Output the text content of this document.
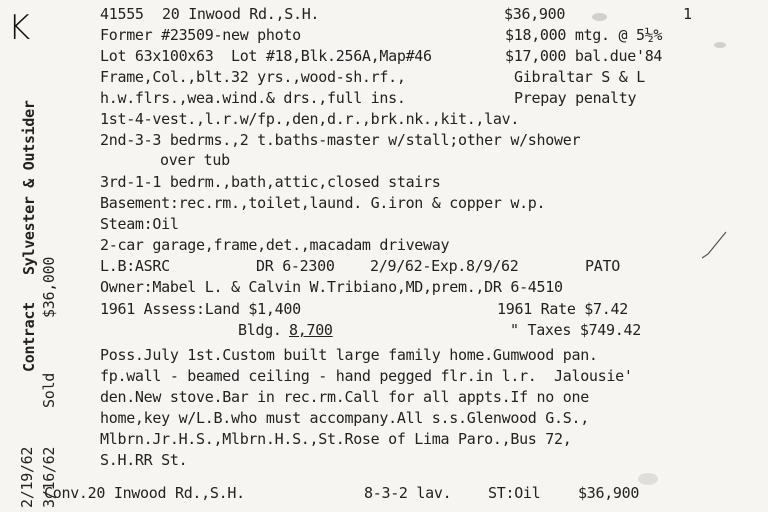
K
Contract
Sylvester & Outsider
2/19/62
Sold
$36,000
3/16/62
41555 20 Inwood Rd.,S.H.	$36,900	1
Former #23509-new photo	$18,000 mtg. @ 5½%
Lot 63x100x63  Lot #18,Blk.256A,Map#46	$17,000 bal.due'84
Frame,Col.,blt.32 yrs.,wood-sh.rf.,	Gibraltar S & L
h.w.flrs.,wea.wind.& drs.,full ins.	Prepay penalty
1st-4-vest.,l.r.w/fp.,den,d.r.,brk.nk.,kit.,lav.
2nd-3-3 bedrms.,2 t.baths-master w/stall;other w/shower
over tub
3rd-1-1 bedrm.,bath,attic,closed stairs
Basement:rec.rm.,toilet,laund. G.iron & copper w.p.
Steam:Oil
2-car garage,frame,det.,macadam driveway
L.B:ASRC	DR 6-2300 2/9/62-Exp.8/9/62	PATO
Owner:Mabel L. & Calvin W.Tribiano,MD,prem.,DR 6-4510
1961 Assess:Land $1,400	1961 Rate $7.42
Bldg. 8,700	" Taxes $749.42
Poss.July 1st.Custom built large family home.Gumwood pan.
fp.wall - beamed ceiling - hand pegged flr.in l.r.  Jalousie'
den.New stove.Bar in rec.rm.Call for all appts.If no one
home,key w/L.B.who must accompany.All s.s.Glenwood G.S.,
Mlbrn.Jr.H.S.,Mlbrn.H.S.,St.Rose of Lima Paro.,Bus 72,
S.H.RR St.
Conv.20 Inwood Rd.,S.H.	8-3-2 lav. ST:Oil	$36,900
